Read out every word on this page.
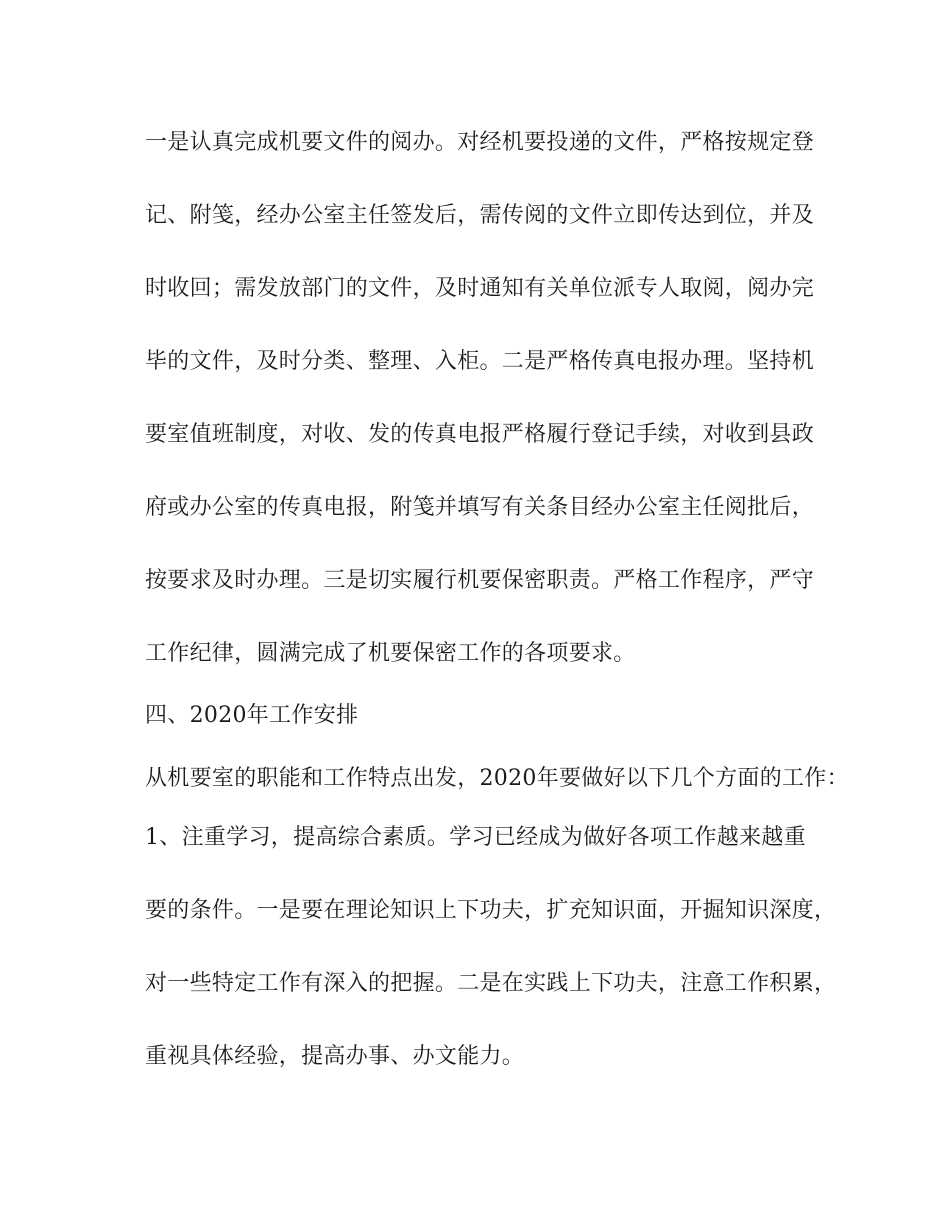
一是认真完成机要文件的阅办。对经机要投递的文件，严格按规定登
记、附笺，经办公室主任签发后，需传阅的文件立即传达到位，并及
时收回；需发放部门的文件，及时通知有关单位派专人取阅，阅办完
毕的文件，及时分类、整理、入柜。二是严格传真电报办理。坚持机
要室值班制度，对收、发的传真电报严格履行登记手续，对收到县政
府或办公室的传真电报，附笺并填写有关条目经办公室主任阅批后，
按要求及时办理。三是切实履行机要保密职责。严格工作程序，严守
工作纪律，圆满完成了机要保密工作的各项要求。
四、2020年工作安排
从机要室的职能和工作特点出发，2020年要做好以下几个方面的工作：
1、注重学习，提高综合素质。学习已经成为做好各项工作越来越重
要的条件。一是要在理论知识上下功夫，扩充知识面，开掘知识深度，
对一些特定工作有深入的把握。二是在实践上下功夫，注意工作积累，
重视具体经验，提高办事、办文能力。
